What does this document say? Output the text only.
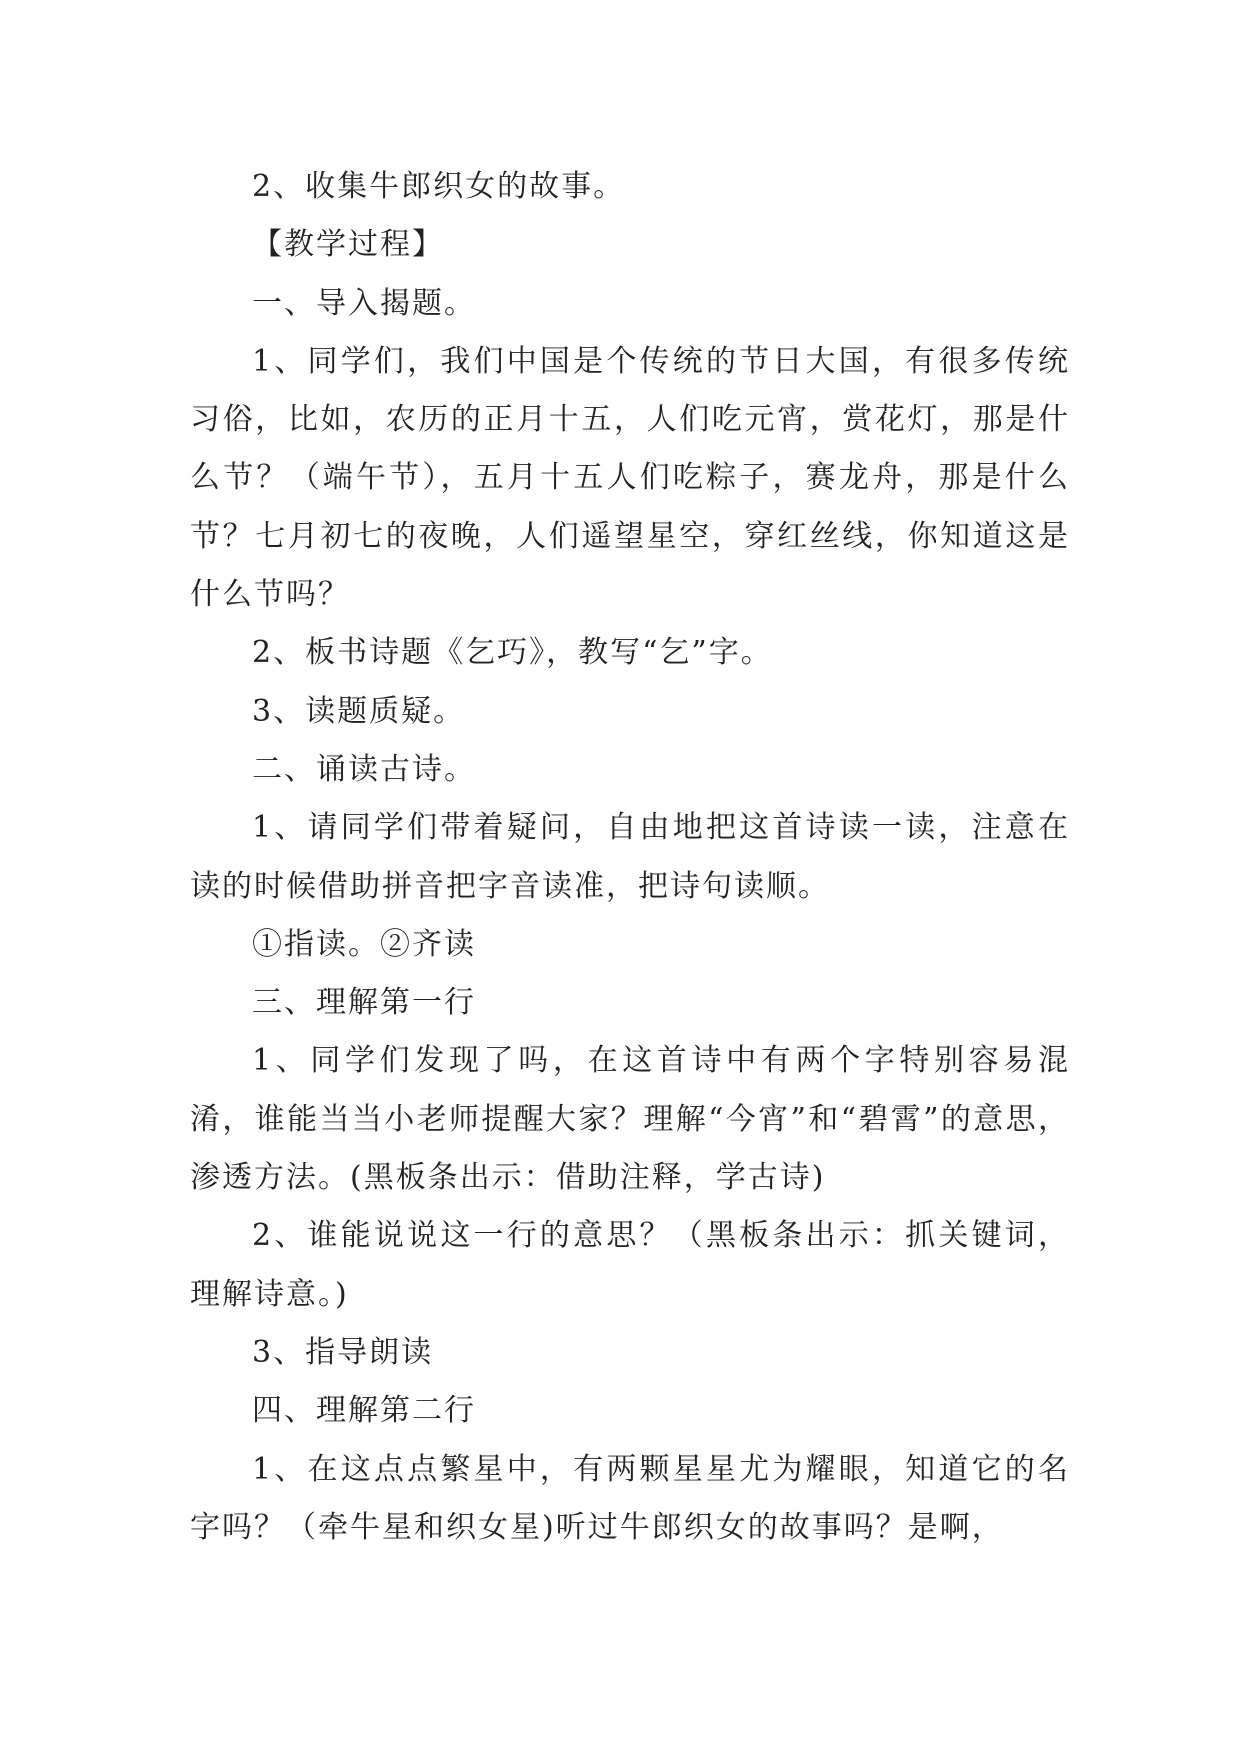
2、收集牛郎织女的故事。

【教学过程】

一、导入揭题。

1、同学们，我们中国是个传统的节日大国，有很多传统习俗，比如，农历的正月十五，人们吃元宵，赏花灯，那是什么节？（端午节），五月十五人们吃粽子，赛龙舟，那是什么节？七月初七的夜晚，人们遥望星空，穿红丝线，你知道这是什么节吗？

2、板书诗题《乞巧》，教写“乞”字。

3、读题质疑。

二、诵读古诗。

1、请同学们带着疑问，自由地把这首诗读一读，注意在读的时候借助拼音把字音读准，把诗句读顺。

①指读。②齐读

三、理解第一行

1、同学们发现了吗，在这首诗中有两个字特别容易混淆，谁能当当小老师提醒大家？理解“今宵”和“碧霄”的意思，渗透方法。(黑板条出示：借助注释，学古诗)

2、谁能说说这一行的意思？（黑板条出示：抓关键词，理解诗意。)

3、指导朗读

四、理解第二行

1、在这点点繁星中，有两颗星星尤为耀眼，知道它的名字吗？（牵牛星和织女星)听过牛郎织女的故事吗？是啊，
